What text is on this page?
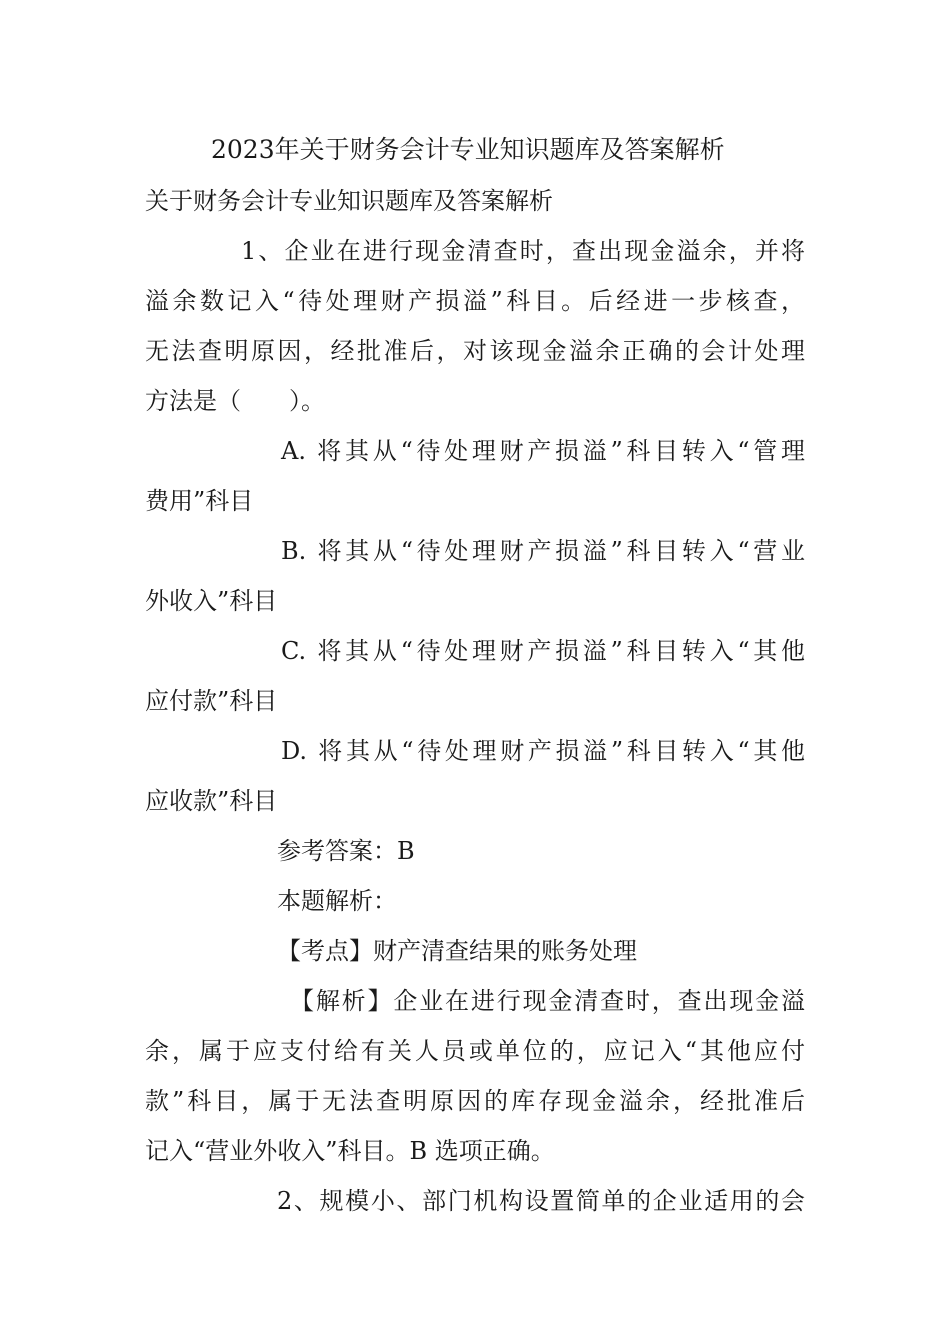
2023年关于财务会计专业知识题库及答案解析
关于财务会计专业知识题库及答案解析
1、企业在进行现金清查时，查出现金溢余，并将
溢余数记入“待处理财产损溢”科目。后经进一步核查，
无法查明原因，经批准后，对该现金溢余正确的会计处理
方法是（　　）。
A. 将其从“待处理财产损溢”科目转入“管理
费用”科目
B. 将其从“待处理财产损溢”科目转入“营业
外收入”科目
C. 将其从“待处理财产损溢”科目转入“其他
应付款”科目
D. 将其从“待处理财产损溢”科目转入“其他
应收款”科目
参考答案：B
本题解析：
【考点】财产清查结果的账务处理
【解析】企业在进行现金清查时，查出现金溢
余，属于应支付给有关人员或单位的，应记入“其他应付
款”科目，属于无法查明原因的库存现金溢余，经批准后
记入“营业外收入”科目。B 选项正确。
2、规模小、部门机构设置简单的企业适用的会
